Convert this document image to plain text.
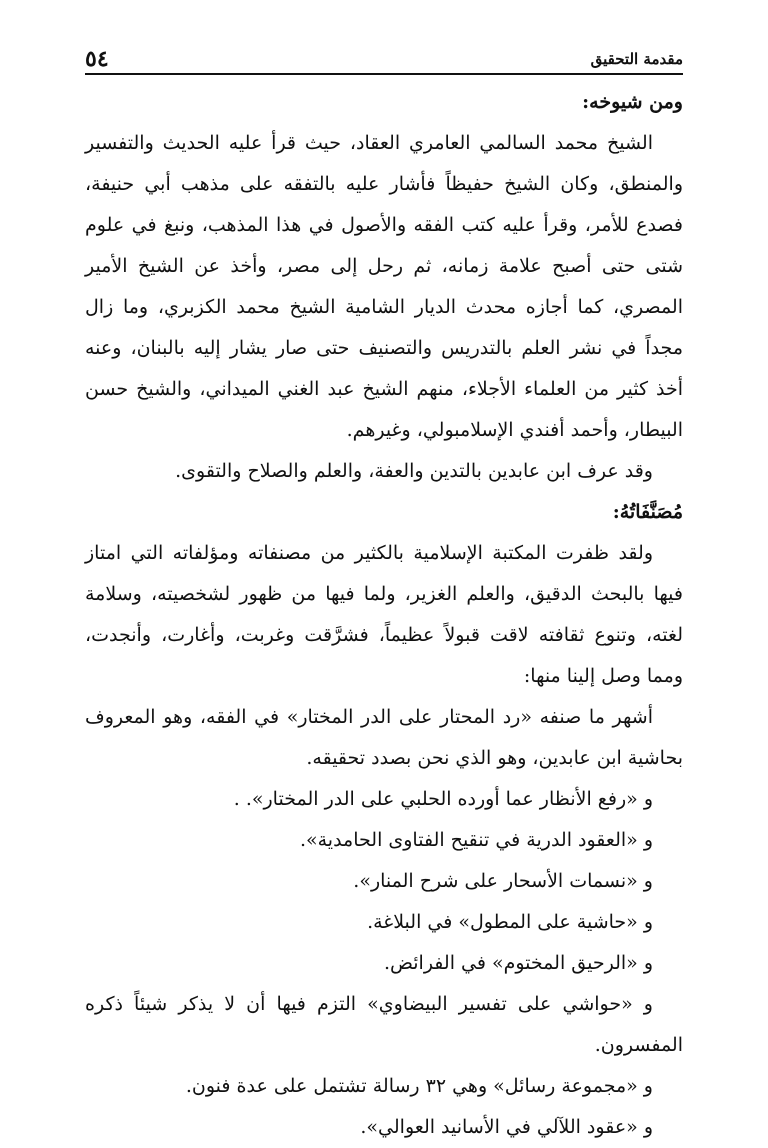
مقدمة التحقيق
٥٤

ومن شيوخه:

الشيخ محمد السالمي العامري العقاد، حيث قرأ عليه الحديث والتفسير والمنطق، وكان الشيخ حفيظاً فأشار عليه بالتفقه على مذهب أبي حنيفة، فصدع للأمر، وقرأ عليه كتب الفقه والأصول في هذا المذهب، ونبغ في علوم شتى حتى أصبح علامة زمانه، ثم رحل إلى مصر، وأخذ عن الشيخ الأمير المصري، كما أجازه محدث الديار الشامية الشيخ محمد الكزبري، وما زال مجداً في نشر العلم بالتدريس والتصنيف حتى صار يشار إليه بالبنان، وعنه أخذ كثير من العلماء الأجلاء، منهم الشيخ عبد الغني الميداني، والشيخ حسن البيطار، وأحمد أفندي الإسلامبولي، وغيرهم.

وقد عرف ابن عابدين بالتدين والعفة، والعلم والصلاح والتقوى.

مُصَنَّفَاتُهُ:

ولقد ظفرت المكتبة الإسلامية بالكثير من مصنفاته ومؤلفاته التي امتاز فيها بالبحث الدقيق، والعلم الغزير، ولما فيها من ظهور لشخصيته، وسلامة لغته، وتنوع ثقافته لاقت قبولاً عظيماً، فشرَّقت وغربت، وأغارت، وأنجدت، ومما وصل إلينا منها:

أشهر ما صنفه «رد المحتار على الدر المختار» في الفقه، وهو المعروف بحاشية ابن عابدين، وهو الذي نحن بصدد تحقيقه.

و «رفع الأنظار عما أورده الحلبي على الدر المختار». .

و «العقود الدرية في تنقيح الفتاوى الحامدية».

و «نسمات الأسحار على شرح المنار».

و «حاشية على المطول» في البلاغة.

و «الرحيق المختوم» في الفرائض.

و «حواشي على تفسير البيضاوي» التزم فيها أن لا يذكر شيئاً ذكره المفسرون.

و «مجموعة رسائل» وهي ٣٢ رسالة تشتمل على عدة فنون.

و «عقود اللآلي في الأسانيد العوالي».
